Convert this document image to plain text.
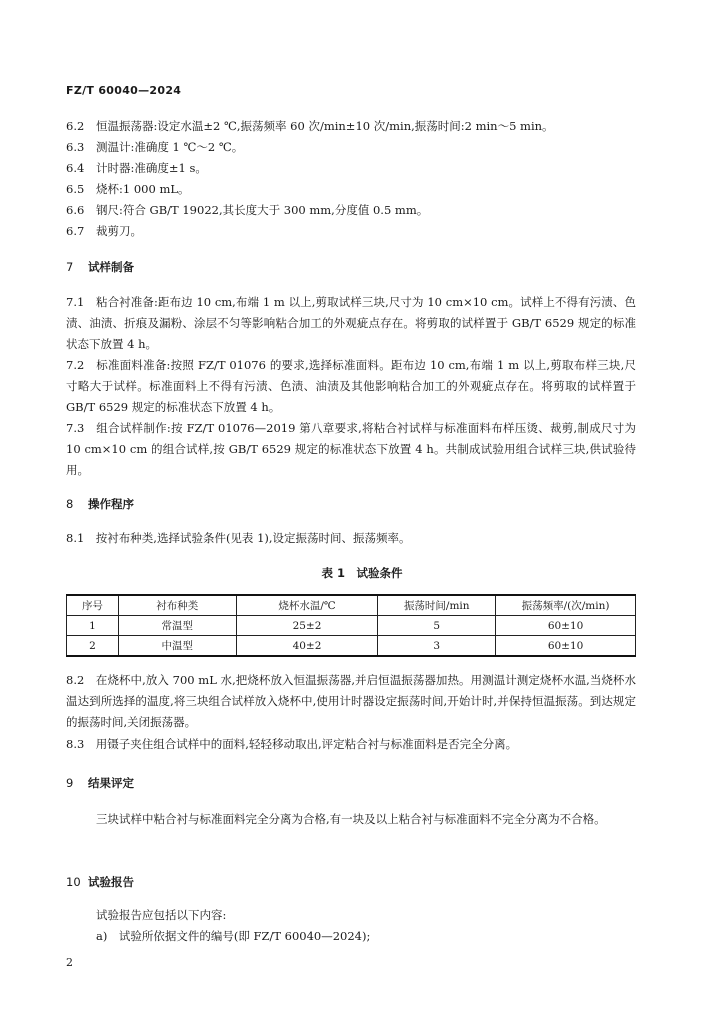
FZ/T 60040—2024
6.2 恒温振荡器:设定水温±2 ℃,振荡频率 60 次/min±10 次/min,振荡时间:2 min～5 min。
6.3 测温计:准确度 1 ℃～2 ℃。
6.4 计时器:准确度±1 s。
6.5 烧杯:1 000 mL。
6.6 钢尺:符合 GB/T 19022,其长度大于 300 mm,分度值 0.5 mm。
6.7 裁剪刀。
7 试样制备
7.1　粘合衬准备:距布边 10 cm,布端 1 m 以上,剪取试样三块,尺寸为 10 cm×10 cm。试样上不得有污渍、色渍、油渍、折痕及漏粉、涂层不匀等影响粘合加工的外观疵点存在。将剪取的试样置于 GB/T 6529 规定的标准状态下放置 4 h。
7.2　标准面料准备:按照 FZ/T 01076 的要求,选择标准面料。距布边 10 cm,布端 1 m 以上,剪取布样三块,尺寸略大于试样。标准面料上不得有污渍、色渍、油渍及其他影响粘合加工的外观疵点存在。将剪取的试样置于 GB/T 6529 规定的标准状态下放置 4 h。
7.3　组合试样制作:按 FZ/T 01076—2019 第八章要求,将粘合衬试样与标准面料布样压烫、裁剪,制成尺寸为 10 cm×10 cm 的组合试样,按 GB/T 6529 规定的标准状态下放置 4 h。共制成试验用组合试样三块,供试验待用。
8 操作程序
8.1　按衬布种类,选择试验条件(见表 1),设定振荡时间、振荡频率。
表 1　试验条件
序号	衬布种类	烧杯水温/℃	振荡时间/min	振荡频率/(次/min)
1	常温型	25±2	5	60±10
2	中温型	40±2	3	60±10
8.2　在烧杯中,放入 700 mL 水,把烧杯放入恒温振荡器,并启恒温振荡器加热。用测温计测定烧杯水温,当烧杯水温达到所选择的温度,将三块组合试样放入烧杯中,使用计时器设定振荡时间,开始计时,并保持恒温振荡。到达规定的振荡时间,关闭振荡器。
8.3　用镊子夹住组合试样中的面料,轻轻移动取出,评定粘合衬与标准面料是否完全分离。
9 结果评定
三块试样中粘合衬与标准面料完全分离为合格,有一块及以上粘合衬与标准面料不完全分离为不合格。
10 试验报告
试验报告应包括以下内容:
a)　试验所依据文件的编号(即 FZ/T 60040—2024);
2
